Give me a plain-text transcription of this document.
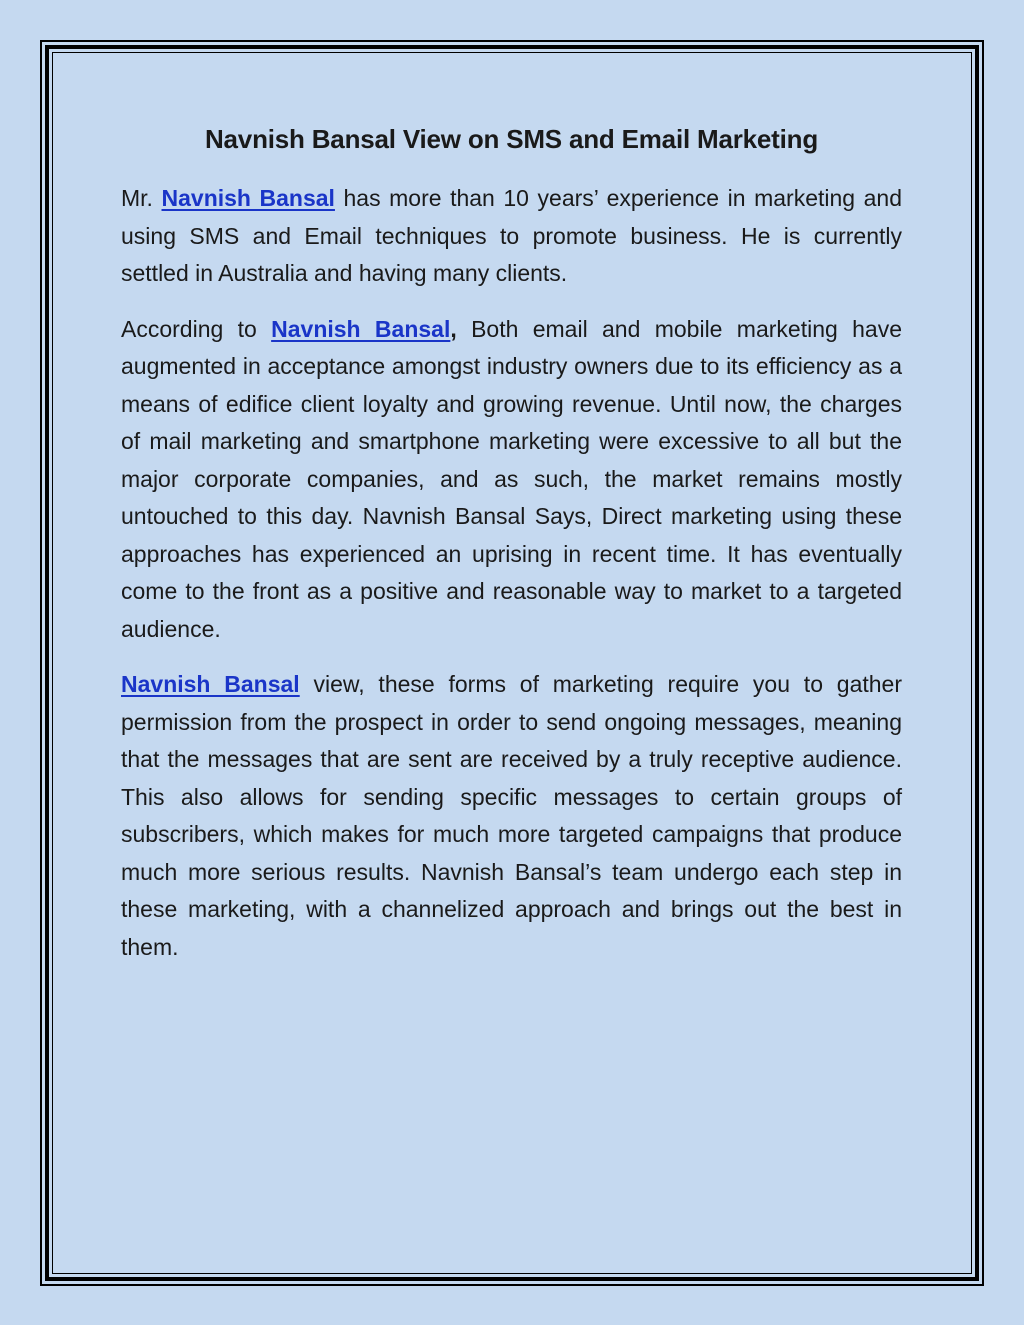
Navnish Bansal View on SMS and Email Marketing

Mr. Navnish Bansal has more than 10 years’ experience in marketing and using SMS and Email techniques to promote business. He is currently settled in Australia and having many clients.

According to Navnish Bansal, Both email and mobile marketing have augmented in acceptance amongst industry owners due to its efficiency as a means of edifice client loyalty and growing revenue. Until now, the charges of mail marketing and smartphone marketing were excessive to all but the major corporate companies, and as such, the market remains mostly untouched to this day. Navnish Bansal Says, Direct marketing using these approaches has experienced an uprising in recent time. It has eventually come to the front as a positive and reasonable way to market to a targeted audience.

Navnish Bansal view, these forms of marketing require you to gather permission from the prospect in order to send ongoing messages, meaning that the messages that are sent are received by a truly receptive audience. This also allows for sending specific messages to certain groups of subscribers, which makes for much more targeted campaigns that produce much more serious results. Navnish Bansal’s team undergo each step in these marketing, with a channelized approach and brings out the best in them.
